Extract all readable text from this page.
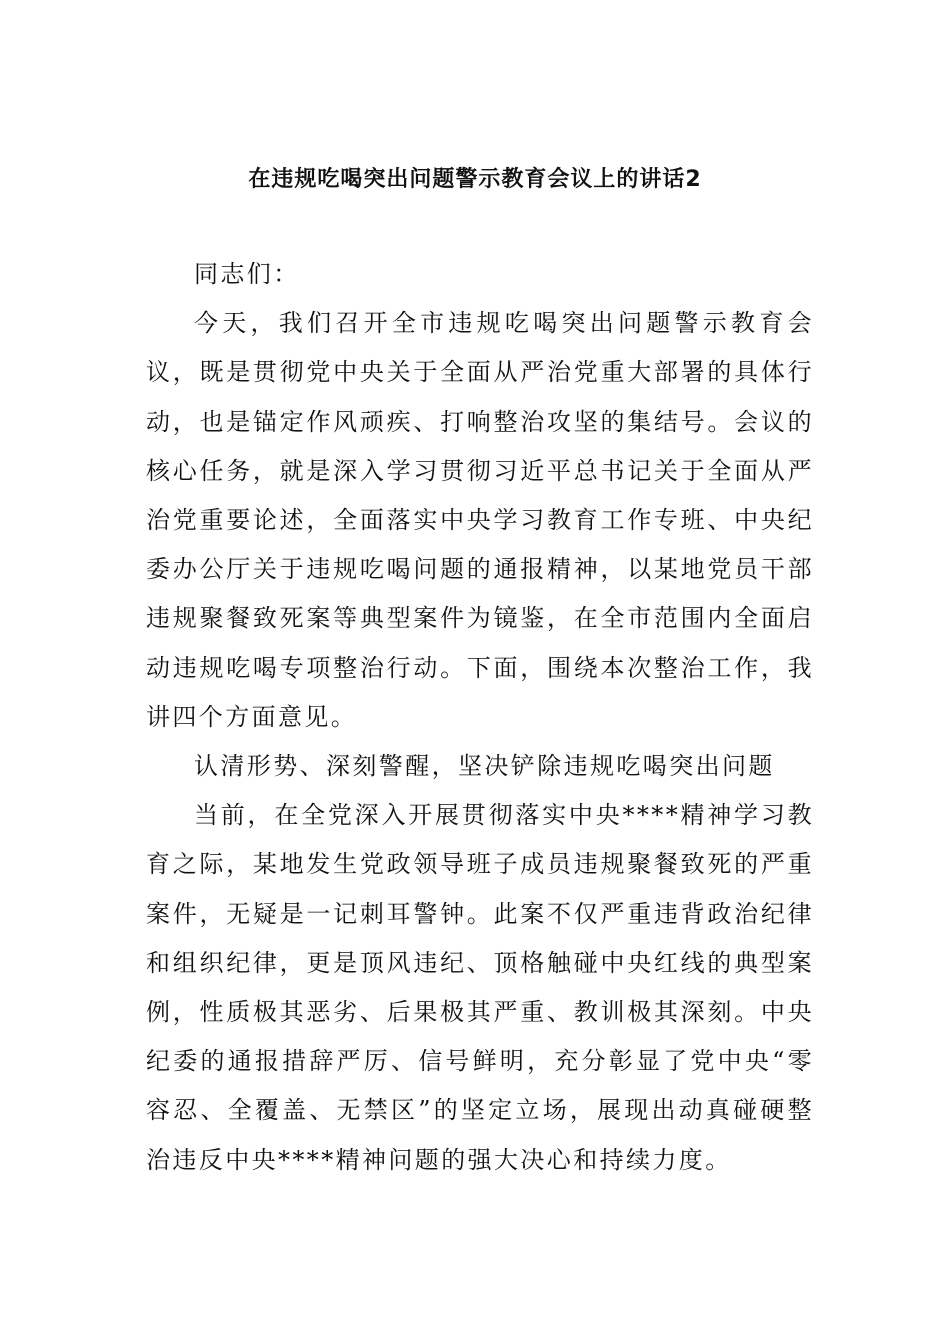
在违规吃喝突出问题警示教育会议上的讲话2

同志们：

今天，我们召开全市违规吃喝突出问题警示教育会议，既是贯彻党中央关于全面从严治党重大部署的具体行动，也是锚定作风顽疾、打响整治攻坚的集结号。会议的核心任务，就是深入学习贯彻习近平总书记关于全面从严治党重要论述，全面落实中央学习教育工作专班、中央纪委办公厅关于违规吃喝问题的通报精神，以某地党员干部违规聚餐致死案等典型案件为镜鉴，在全市范围内全面启动违规吃喝专项整治行动。下面，围绕本次整治工作，我讲四个方面意见。

认清形势、深刻警醒，坚决铲除违规吃喝突出问题

当前，在全党深入开展贯彻落实中央****精神学习教育之际，某地发生党政领导班子成员违规聚餐致死的严重案件，无疑是一记刺耳警钟。此案不仅严重违背政治纪律和组织纪律，更是顶风违纪、顶格触碰中央红线的典型案例，性质极其恶劣、后果极其严重、教训极其深刻。中央纪委的通报措辞严厉、信号鲜明，充分彰显了党中央“零容忍、全覆盖、无禁区”的坚定立场，展现出动真碰硬整治违反中央****精神问题的强大决心和持续力度。
